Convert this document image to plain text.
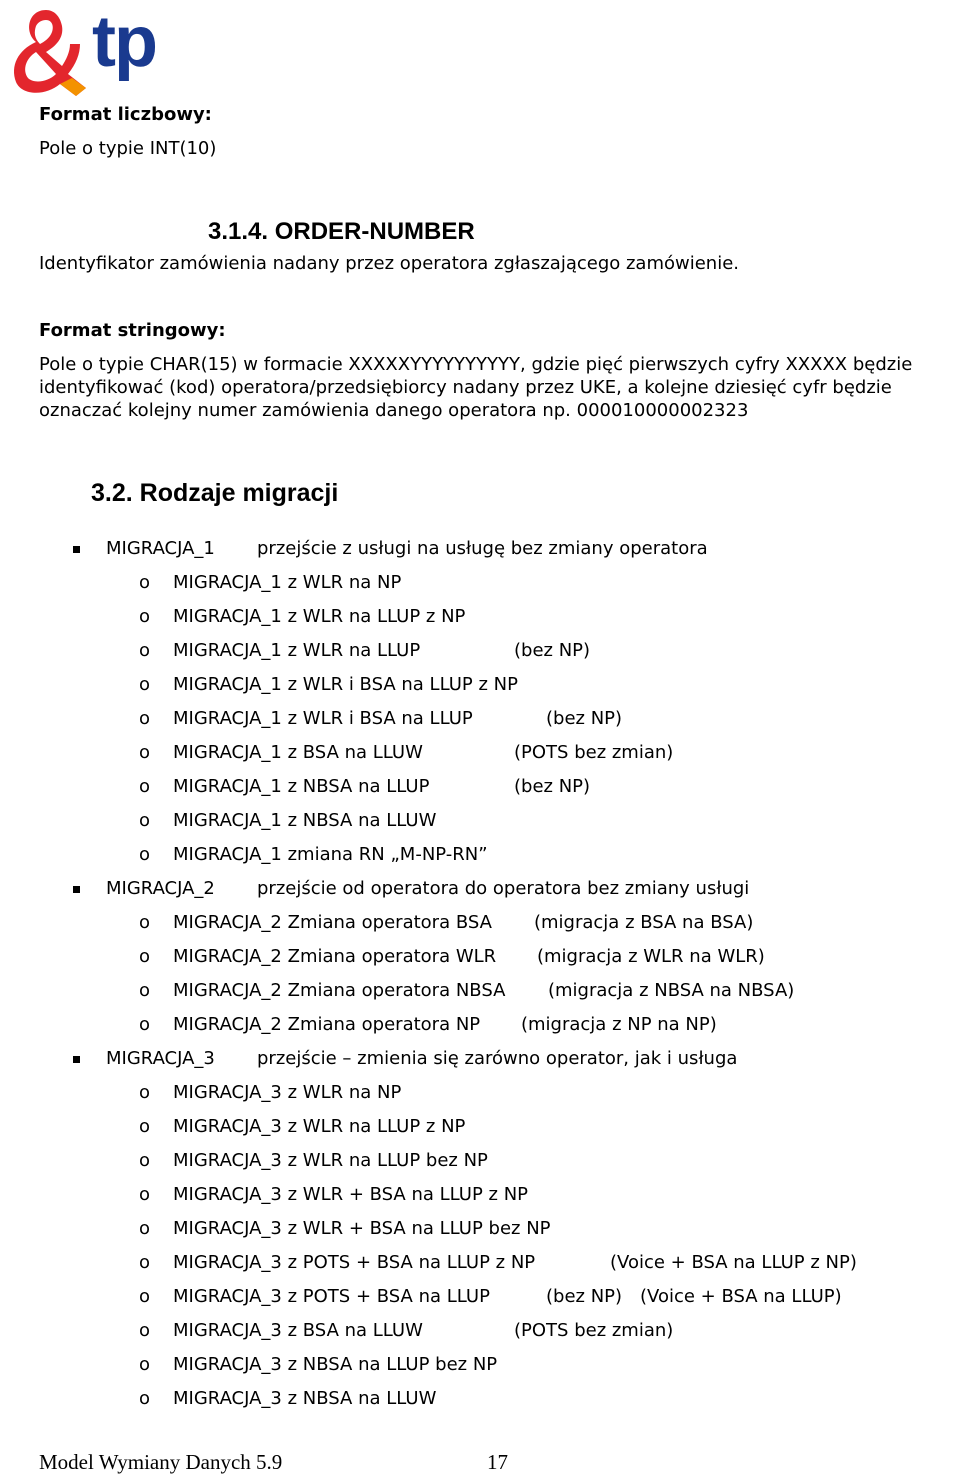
tp
Format liczbowy:
Pole o typie INT(10)
3.1.4. ORDER-NUMBER
Identyfikator zamówienia nadany przez operatora zgłaszającego zamówienie.
Format stringowy:
Pole o typie CHAR(15) w formacie XXXXXYYYYYYYYYY, gdzie pięć pierwszych cyfry XXXXX będzie
identyfikować (kod) operatora/przedsiębiorcy nadany przez UKE, a kolejne dziesięć cyfr będzie
oznaczać kolejny numer zamówienia danego operatora np. 000010000002323
3.2. Rodzaje migracji
MIGRACJA_1 przejście z usługi na usługę bez zmiany operatora
o MIGRACJA_1 z WLR na NP
o MIGRACJA_1 z WLR na LLUP z NP
o MIGRACJA_1 z WLR na LLUP	(bez NP)
o MIGRACJA_1 z WLR i BSA na LLUP z NP
o MIGRACJA_1 z WLR i BSA na LLUP	(bez NP)
o MIGRACJA_1 z BSA na LLUW	(POTS bez zmian)
o MIGRACJA_1 z NBSA na LLUP	(bez NP)
o MIGRACJA_1 z NBSA na LLUW
o MIGRACJA_1 zmiana RN „M-NP-RN”
MIGRACJA_2 przejście od operatora do operatora bez zmiany usługi
o MIGRACJA_2 Zmiana operatora BSA (migracja z BSA na BSA)
o MIGRACJA_2 Zmiana operatora WLR (migracja z WLR na WLR)
o MIGRACJA_2 Zmiana operatora NBSA (migracja z NBSA na NBSA)
o MIGRACJA_2 Zmiana operatora NP (migracja z NP na NP)
MIGRACJA_3 przejście – zmienia się zarówno operator, jak i usługa
o MIGRACJA_3 z WLR na NP
o MIGRACJA_3 z WLR na LLUP z NP
o MIGRACJA_3 z WLR na LLUP bez NP
o MIGRACJA_3 z WLR + BSA na LLUP z NP
o MIGRACJA_3 z WLR + BSA na LLUP bez NP
o MIGRACJA_3 z POTS + BSA na LLUP z NP	(Voice + BSA na LLUP z NP)
o MIGRACJA_3 z POTS + BSA na LLUP	(bez NP) (Voice + BSA na LLUP)
o MIGRACJA_3 z BSA na LLUW	(POTS bez zmian)
o MIGRACJA_3 z NBSA na LLUP bez NP
o MIGRACJA_3 z NBSA na LLUW
Model Wymiany Danych 5.9	17
